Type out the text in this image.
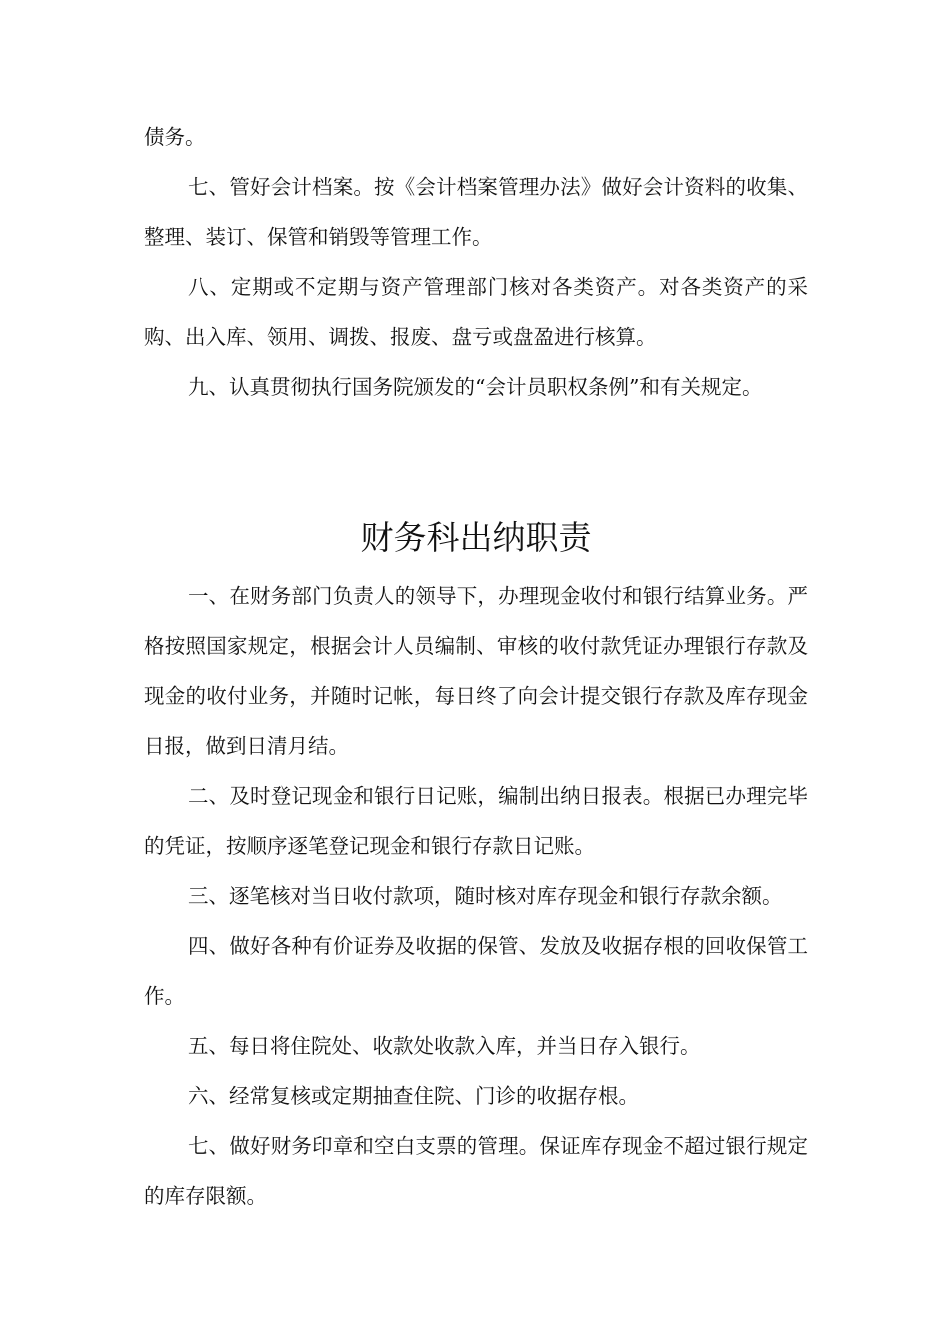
债务。

七、管好会计档案。按《会计档案管理办法》做好会计资料的收集、整理、装订、保管和销毁等管理工作。

八、定期或不定期与资产管理部门核对各类资产。对各类资产的采购、出入库、领用、调拨、报废、盘亏或盘盈进行核算。

九、认真贯彻执行国务院颁发的“会计员职权条例”和有关规定。

财务科出纳职责

一、在财务部门负责人的领导下，办理现金收付和银行结算业务。严格按照国家规定，根据会计人员编制、审核的收付款凭证办理银行存款及现金的收付业务，并随时记帐，每日终了向会计提交银行存款及库存现金日报，做到日清月结。

二、及时登记现金和银行日记账，编制出纳日报表。根据已办理完毕的凭证，按顺序逐笔登记现金和银行存款日记账。

三、逐笔核对当日收付款项，随时核对库存现金和银行存款余额。

四、做好各种有价证券及收据的保管、发放及收据存根的回收保管工作。

五、每日将住院处、收款处收款入库，并当日存入银行。

六、经常复核或定期抽查住院、门诊的收据存根。

七、做好财务印章和空白支票的管理。保证库存现金不超过银行规定的库存限额。
